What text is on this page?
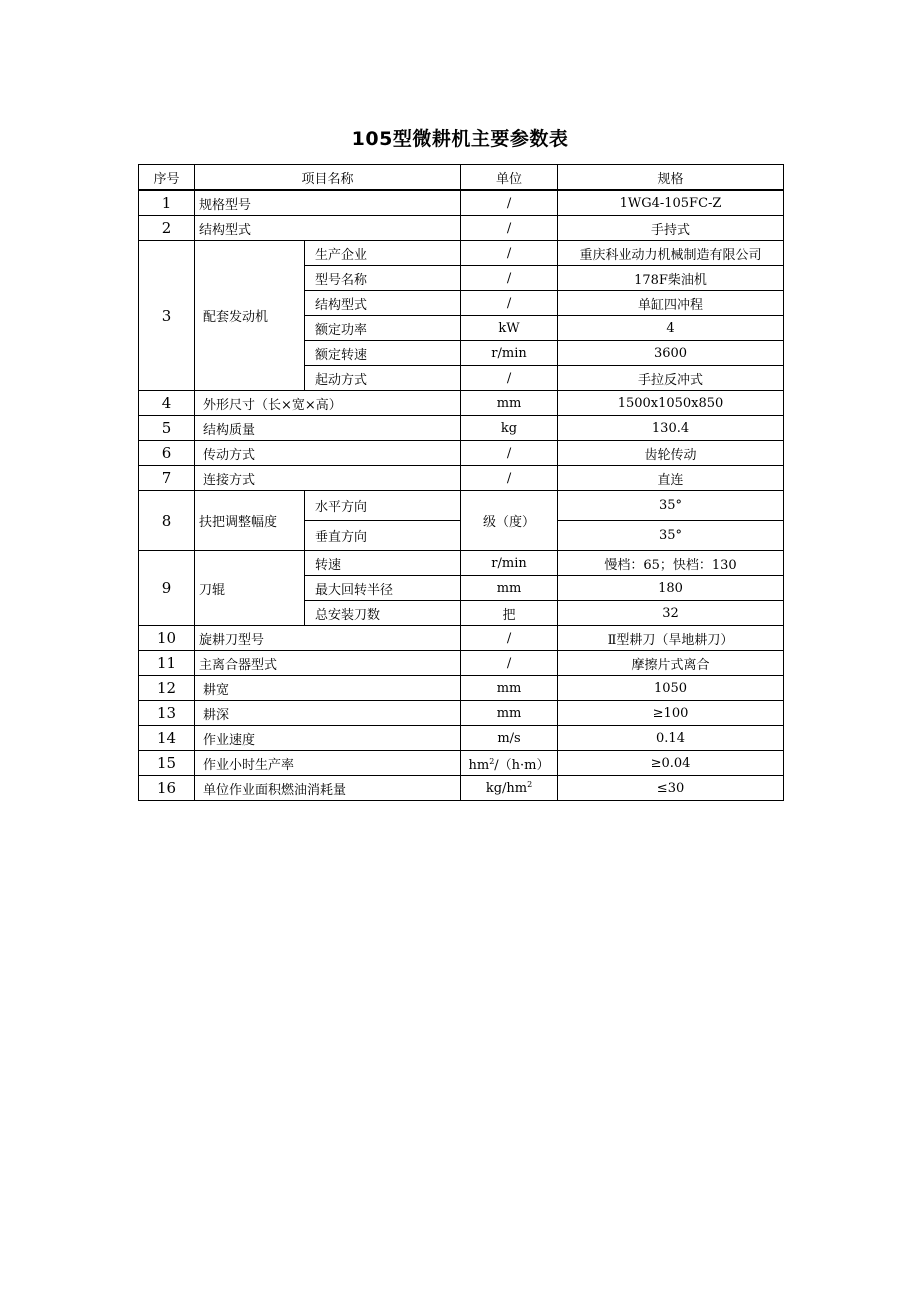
105型微耕机主要参数表
序号	项目名称		单位	规格
1	规格型号		/	1WG4-105FC-Z
2	结构型式		/	手持式
3	配套发动机	生产企业	/	重庆科业动力机械制造有限公司
		型号名称	/	178F柴油机
		结构型式	/	单缸四冲程
		额定功率	kW	4
		额定转速	r/min	3600
		起动方式	/	手拉反冲式
4	外形尺寸（长×宽×高）		mm	1500x1050x850
5	结构质量		kg	130.4
6	传动方式		/	齿轮传动
7	连接方式		/	直连
8	扶把调整幅度	水平方向	级（度）	35°
		垂直方向		35°
9	刀辊	转速	r/min	慢档：65；快档：130
		最大回转半径	mm	180
		总安装刀数	把	32
10	旋耕刀型号		/	Ⅱ型耕刀（旱地耕刀）
11	主离合器型式		/	摩擦片式离合
12	耕宽		mm	1050
13	耕深		mm	≥100
14	作业速度		m/s	0.14
15	作业小时生产率		$hm^2/(h\cdot m)$	≥0.04
16	单位作业面积燃油消耗量		$kg/hm^2$	≤30
